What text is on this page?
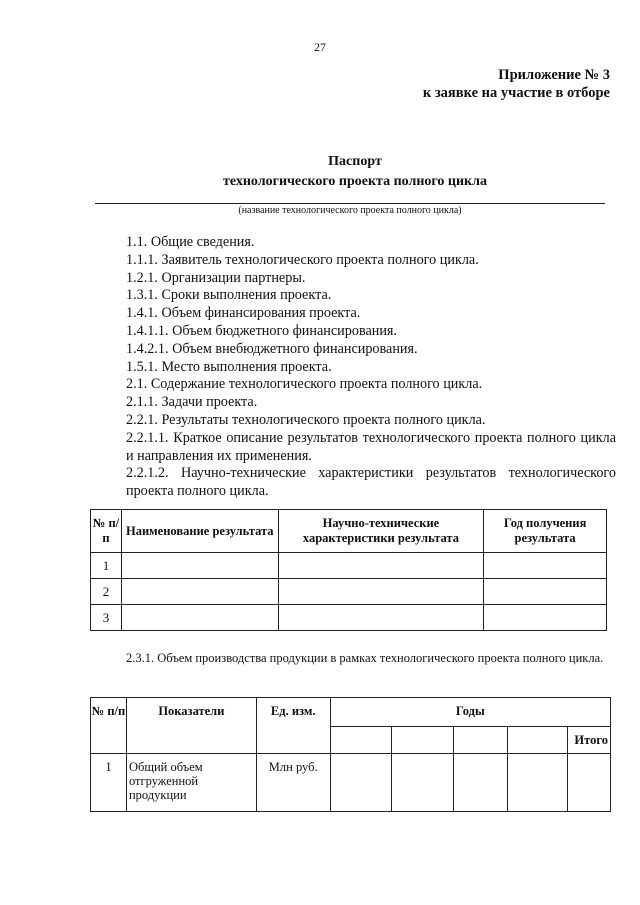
27
Приложение № 3
к заявке на участие в отборе
Паспорт
технологического проекта полного цикла
(название технологического проекта полного цикла)
1.1. Общие сведения.
1.1.1. Заявитель технологического проекта полного цикла.
1.2.1. Организации партнеры.
1.3.1. Сроки выполнения проекта.
1.4.1. Объем финансирования проекта.
1.4.1.1. Объем бюджетного финансирования.
1.4.2.1. Объем внебюджетного финансирования.
1.5.1. Место выполнения проекта.
2.1. Содержание технологического проекта полного цикла.
2.1.1. Задачи проекта.
2.2.1. Результаты технологического проекта полного цикла.
2.2.1.1. Краткое описание результатов технологического проекта полного цикла и направления их применения.
2.2.1.2. Научно-технические характеристики результатов технологического проекта полного цикла.
№ п/п	Наименование результата	Научно-технические характеристики результата	Год получения результата
1			
2			
3			
2.3.1. Объем производства продукции в рамках технологического проекта полного цикла.
№ п/п	Показатели	Ед. изм.	Годы				
							Итого
1	Общий объем отгруженной продукции	Млн руб.					
